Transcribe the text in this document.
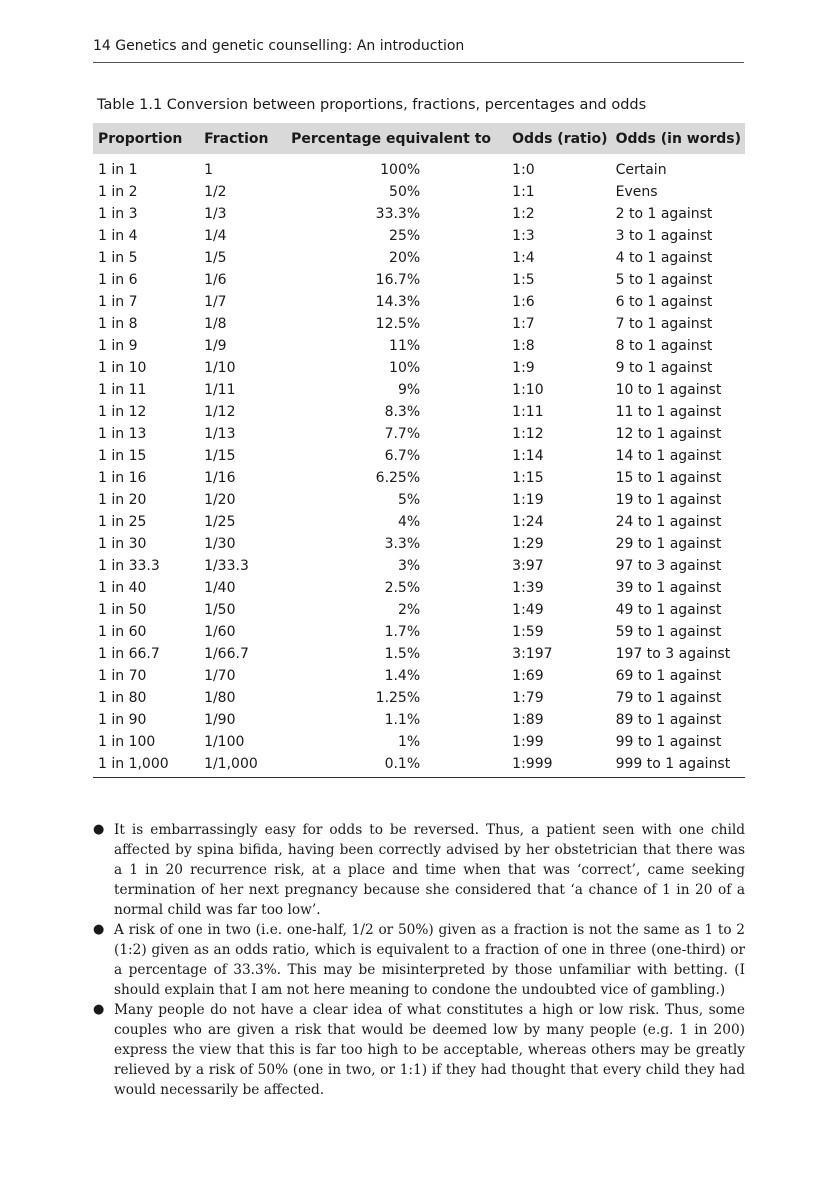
14 Genetics and genetic counselling: An introduction
Table 1.1 Conversion between proportions, fractions, percentages and odds
Proportion	Fraction	Percentage equivalent to	Odds (ratio)	Odds (in words)
1 in 1	1	100%	1:0	Certain
1 in 2	1/2	50%	1:1	Evens
1 in 3	1/3	33.3%	1:2	2 to 1 against
1 in 4	1/4	25%	1:3	3 to 1 against
1 in 5	1/5	20%	1:4	4 to 1 against
1 in 6	1/6	16.7%	1:5	5 to 1 against
1 in 7	1/7	14.3%	1:6	6 to 1 against
1 in 8	1/8	12.5%	1:7	7 to 1 against
1 in 9	1/9	11%	1:8	8 to 1 against
1 in 10	1/10	10%	1:9	9 to 1 against
1 in 11	1/11	9%	1:10	10 to 1 against
1 in 12	1/12	8.3%	1:11	11 to 1 against
1 in 13	1/13	7.7%	1:12	12 to 1 against
1 in 15	1/15	6.7%	1:14	14 to 1 against
1 in 16	1/16	6.25%	1:15	15 to 1 against
1 in 20	1/20	5%	1:19	19 to 1 against
1 in 25	1/25	4%	1:24	24 to 1 against
1 in 30	1/30	3.3%	1:29	29 to 1 against
1 in 33.3	1/33.3	3%	3:97	97 to 3 against
1 in 40	1/40	2.5%	1:39	39 to 1 against
1 in 50	1/50	2%	1:49	49 to 1 against
1 in 60	1/60	1.7%	1:59	59 to 1 against
1 in 66.7	1/66.7	1.5%	3:197	197 to 3 against
1 in 70	1/70	1.4%	1:69	69 to 1 against
1 in 80	1/80	1.25%	1:79	79 to 1 against
1 in 90	1/90	1.1%	1:89	89 to 1 against
1 in 100	1/100	1%	1:99	99 to 1 against
1 in 1,000	1/1,000	0.1%	1:999	999 to 1 against
● It is embarrassingly easy for odds to be reversed. Thus, a patient seen with one child affected by spina bifida, having been correctly advised by her obstetrician that there was a 1 in 20 recurrence risk, at a place and time when that was ‘correct’, came seeking termination of her next pregnancy because she considered that ‘a chance of 1 in 20 of a normal child was far too low’.
● A risk of one in two (i.e. one-half, 1/2 or 50%) given as a fraction is not the same as 1 to 2 (1:2) given as an odds ratio, which is equivalent to a fraction of one in three (one-third) or a percentage of 33.3%. This may be misinterpreted by those unfamiliar with betting. (I should explain that I am not here meaning to condone the undoubted vice of gambling.)
● Many people do not have a clear idea of what constitutes a high or low risk. Thus, some couples who are given a risk that would be deemed low by many people (e.g. 1 in 200) express the view that this is far too high to be acceptable, whereas others may be greatly relieved by a risk of 50% (one in two, or 1:1) if they had thought that every child they had would necessarily be affected.
